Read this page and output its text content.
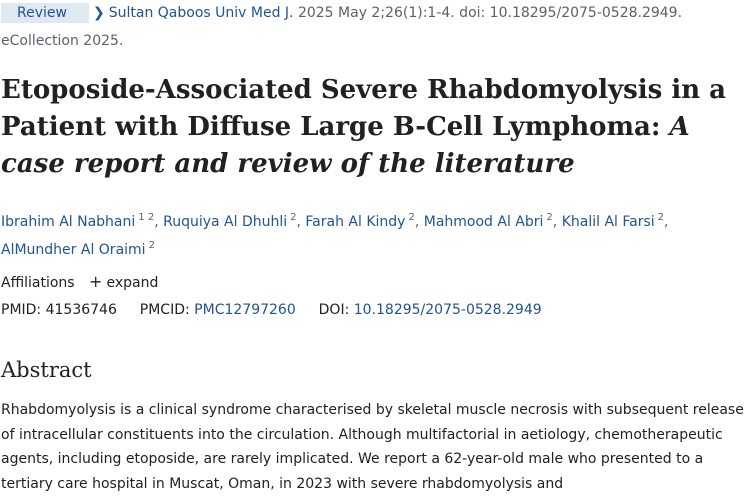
Review	❯ Sultan Qaboos Univ Med J. 2025 May 2;26(1):1-4. doi: 10.18295/2075-0528.2949.
eCollection 2025.
Etoposide-Associated Severe Rhabdomyolysis in a Patient with Diffuse Large B-Cell Lymphoma: A case report and review of the literature
Ibrahim Al Nabhani $^{1 2}$, Ruquiya Al Dhuhli $^2$, Farah Al Kindy $^2$, Mahmood Al Abri $^2$, Khalil Al Farsi $^2$, AlMundher Al Oraimi $^2$
Affiliations + expand
PMID: 41536746 PMCID: PMC12797260 DOI: 10.18295/2075-0528.2949
Abstract

Rhabdomyolysis is a clinical syndrome characterised by skeletal muscle necrosis with subsequent release of intracellular constituents into the circulation. Although multifactorial in aetiology, chemotherapeutic agents, including etoposide, are rarely implicated. We report a 62-year-old male who presented to a tertiary care hospital in Muscat, Oman, in 2023 with severe rhabdomyolysis and
